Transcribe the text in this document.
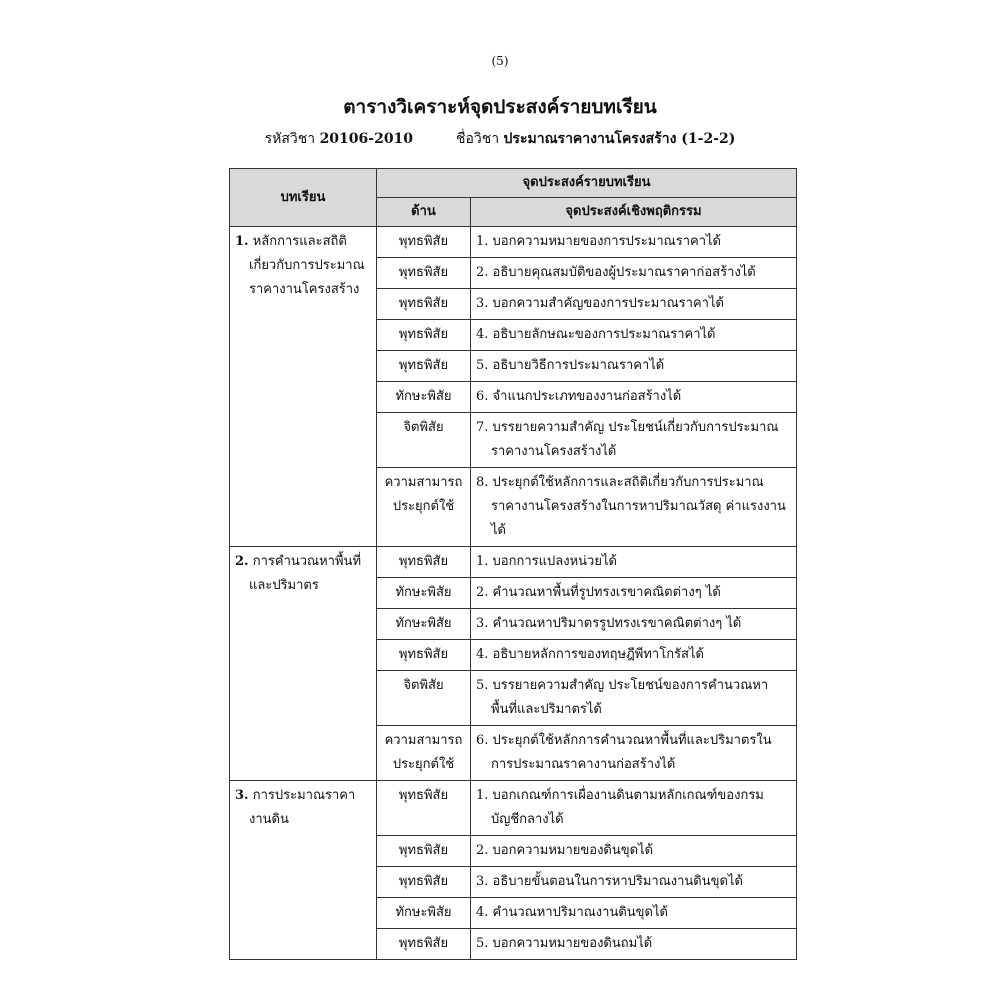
(5)
ตารางวิเคราะห์จุดประสงค์รายบทเรียน
รหัสวิชา 20106-2010	ชื่อวิชา ประมาณราคางานโครงสร้าง (1-2-2)
บทเรียน	จุดประสงค์รายบทเรียน	
	ด้าน	จุดประสงค์เชิงพฤติกรรม

1. หลักการและสถิติเกี่ยวกับการประมาณราคางานโครงสร้าง	พุทธพิสัย	1. บอกความหมายของการประมาณราคาได้

	พุทธพิสัย	2. อธิบายคุณสมบัติของผู้ประมาณราคาก่อสร้างได้

	พุทธพิสัย	3. บอกความสำคัญของการประมาณราคาได้

	พุทธพิสัย	4. อธิบายลักษณะของการประมาณราคาได้

	พุทธพิสัย	5. อธิบายวิธีการประมาณราคาได้

	ทักษะพิสัย	6. จำแนกประเภทของงานก่อสร้างได้

	จิตพิสัย	7. บรรยายความสำคัญ ประโยชน์เกี่ยวกับการประมาณราคางานโครงสร้างได้

	ความสามารถประยุกต์ใช้	8. ประยุกต์ใช้หลักการและสถิติเกี่ยวกับการประมาณราคางานโครงสร้างในการหาปริมาณวัสดุ ค่าแรงงานได้

2. การคำนวณหาพื้นที่และปริมาตร	พุทธพิสัย	1. บอกการแปลงหน่วยได้

	ทักษะพิสัย	2. คำนวณหาพื้นที่รูปทรงเรขาคณิตต่างๆ ได้

	ทักษะพิสัย	3. คำนวณหาปริมาตรรูปทรงเรขาคณิตต่างๆ ได้

	พุทธพิสัย	4. อธิบายหลักการของทฤษฎีพีทาโกรัสได้

	จิตพิสัย	5. บรรยายความสำคัญ ประโยชน์ของการคำนวณหาพื้นที่และปริมาตรได้

	ความสามารถประยุกต์ใช้	6. ประยุกต์ใช้หลักการคำนวณหาพื้นที่และปริมาตรในการประมาณราคางานก่อสร้างได้

3. การประมาณราคางานดิน	พุทธพิสัย	1. บอกเกณฑ์การเผื่องานดินตามหลักเกณฑ์ของกรมบัญชีกลางได้

	พุทธพิสัย	2. บอกความหมายของดินขุดได้

	พุทธพิสัย	3. อธิบายขั้นตอนในการหาปริมาณงานดินขุดได้

	ทักษะพิสัย	4. คำนวณหาปริมาณงานดินขุดได้

	พุทธพิสัย	5. บอกความหมายของดินถมได้
